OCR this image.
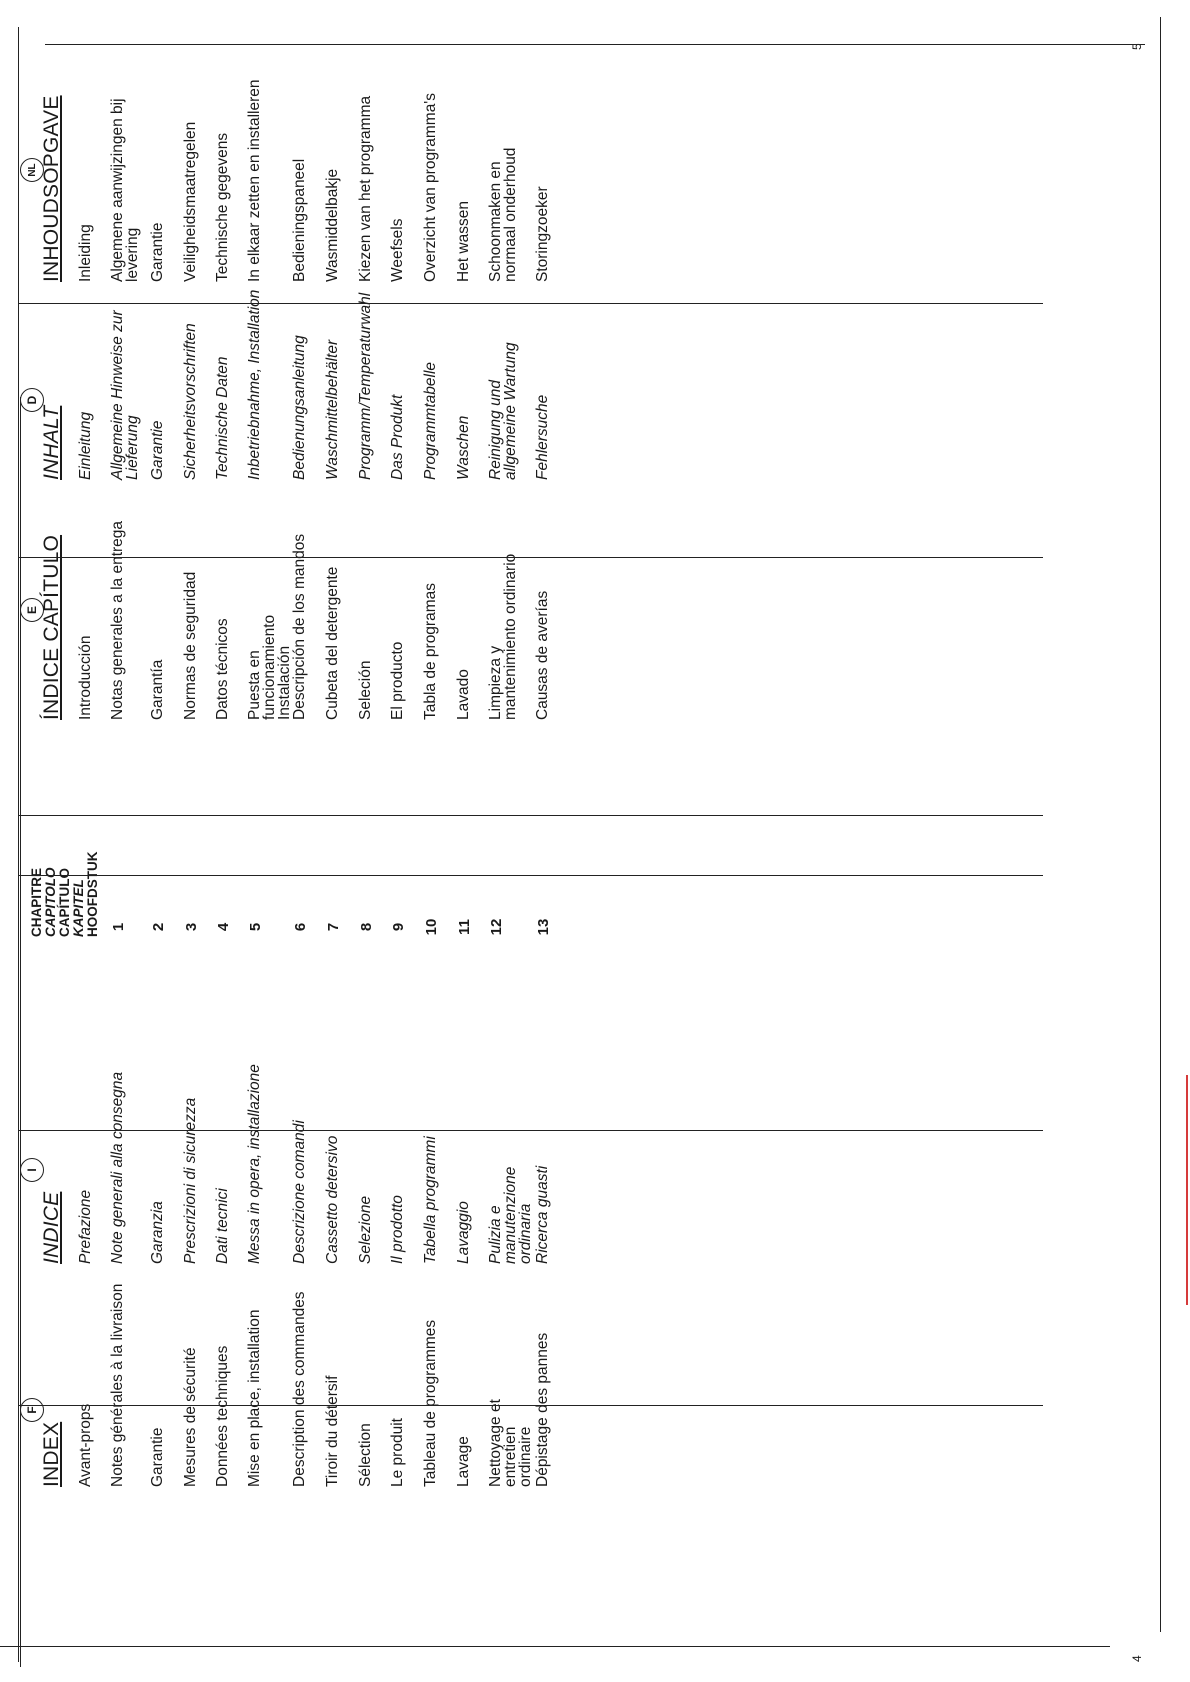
4
5
F
INDEX Avant-props Notes générales à la livraison Garantie Mesures de sécurité Données techniques Mise en place, installation Description des commandes Tiroir du détersif Sélection Le produit Tableau de programmes Lavage Nettoyage et entretien ordinaire Dépistage des pannes
I
INDICE Prefazione Note generali alla consegna Garanzia Prescrizioni di sicurezza Dati tecnici Messa in opera, installazione Descrizione comandi Cassetto detersivo Selezione Il prodotto Tabella programmi Lavaggio Pulizia e manutenzione ordinaria Ricerca guasti
CHAPITRE CAPITOLO CAPÍTULO KAPITEL HOOFDSTUK 1 2 3 4 5 6 7 8 9 10 11 12 13
E ÍNDICE CAPÍTULO Introducción Notas generales a la entrega Garantía Normas de seguridad Datos técnicos Puesta en funcionamiento Instalación
Descripción de los mandos Cubeta del detergente Seleción El producto Tabla de programas Lavado Limpieza y mantenimiento ordinario Causas de averías
D
INHALT Einleitung Allgemeine Hinweise zur Lieferung Garantie Sicherheitsvorschriften Technische Daten Inbetriebnahme, Installation Bedienungsanleitung Waschmittelbehälter Programm/Temperaturwahl Das Produkt Programmtabelle Waschen Reinigung und allgemeine Wartung Fehlersuche
NL INHOUDSOPGAVE Inleiding Algemene aanwijzingen bij levering Garantie Veiligheidsmaatregelen Technische gegevens In elkaar zetten en installeren Bedieningspaneel Wasmiddelbakje Kiezen van het programma Weefsels Overzicht van programma's Het wassen Schoonmaken en normaal onderhoud Storingzoeker
